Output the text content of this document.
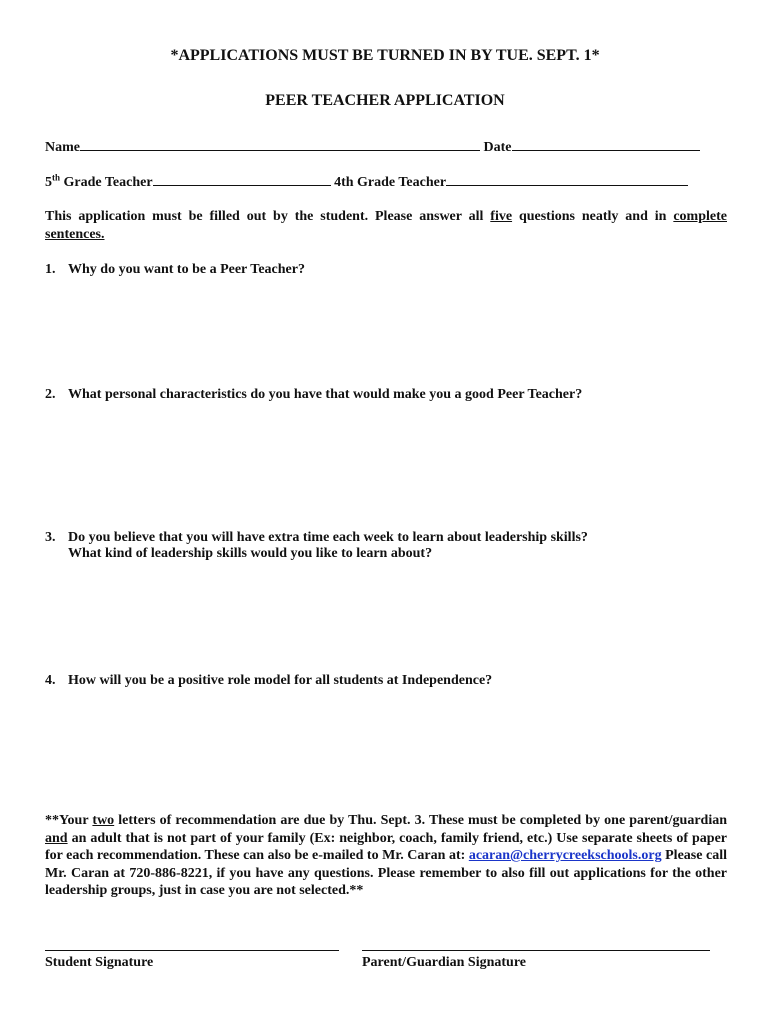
*APPLICATIONS MUST BE TURNED IN BY TUE. SEPT. 1*
PEER TEACHER APPLICATION
Name	Date
5th Grade Teacher	4th Grade Teacher
This application must be filled out by the student. Please answer all five questions neatly and in complete sentences.
1. Why do you want to be a Peer Teacher?
2. What personal characteristics do you have that would make you a good Peer Teacher?
3. Do you believe that you will have extra time each week to learn about leadership skills?
What kind of leadership skills would you like to learn about?
4. How will you be a positive role model for all students at Independence?
**Your two letters of recommendation are due by Thu. Sept. 3. These must be completed by one parent/guardian and an adult that is not part of your family (Ex: neighbor, coach, family friend, etc.) Use separate sheets of paper for each recommendation. These can also be e-mailed to Mr. Caran at: acaran@cherrycreekschools.org Please call Mr. Caran at 720-886-8221, if you have any questions. Please remember to also fill out applications for the other leadership groups, just in case you are not selected.**
Student Signature	Parent/Guardian Signature
